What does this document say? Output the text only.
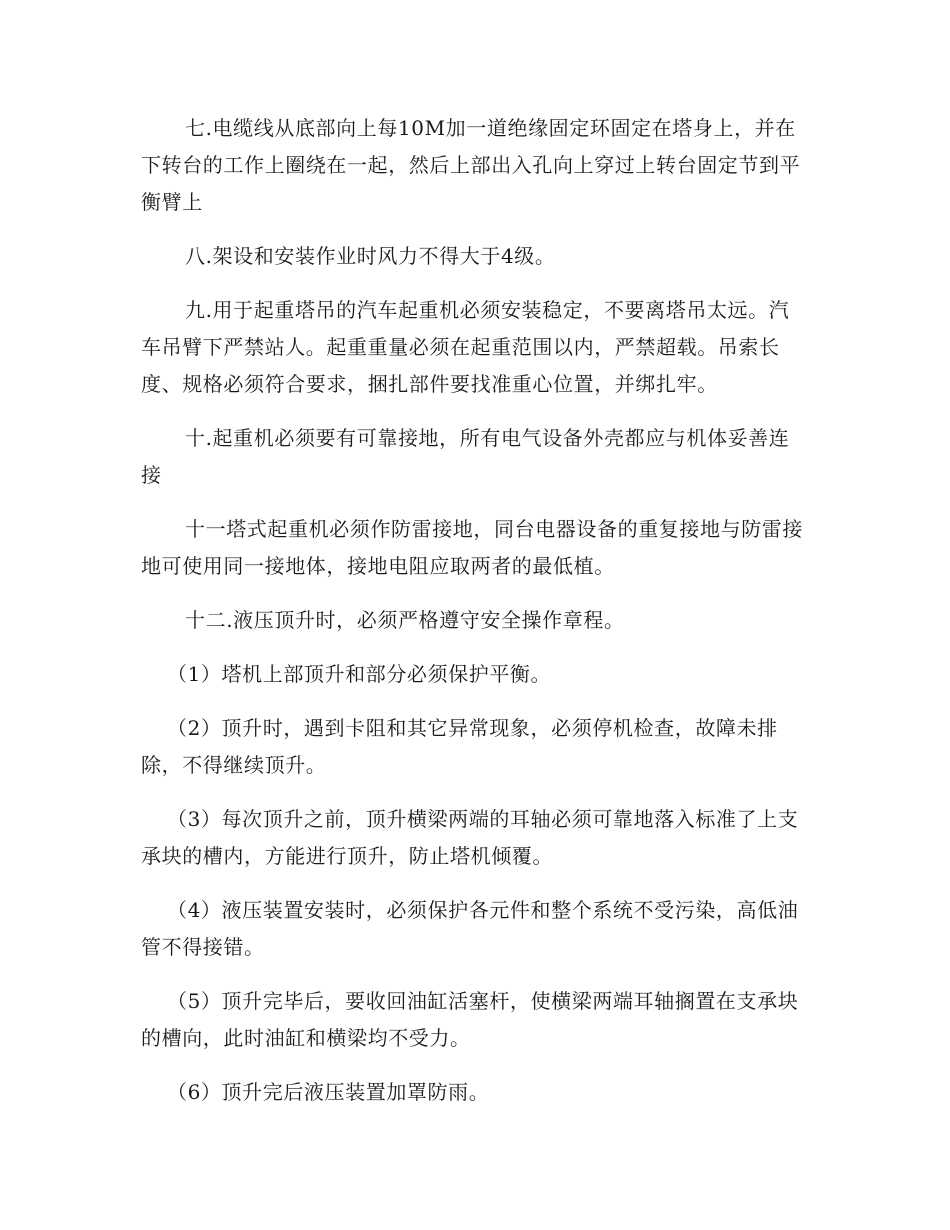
七.电缆线从底部向上每10M加一道绝缘固定环固定在塔身上，并在下转台的工作上圈绕在一起，然后上部出入孔向上穿过上转台固定节到平衡臂上

八.架设和安装作业时风力不得大于4级。

九.用于起重塔吊的汽车起重机必须安装稳定，不要离塔吊太远。汽车吊臂下严禁站人。起重重量必须在起重范围以内，严禁超载。吊索长度、规格必须符合要求，捆扎部件要找准重心位置，并绑扎牢。

十.起重机必须要有可靠接地，所有电气设备外壳都应与机体妥善连接

十一塔式起重机必须作防雷接地，同台电器设备的重复接地与防雷接地可使用同一接地体，接地电阻应取两者的最低植。

十二.液压顶升时，必须严格遵守安全操作章程。

（1）塔机上部顶升和部分必须保护平衡。

（2）顶升时，遇到卡阻和其它异常现象，必须停机检查，故障未排除，不得继续顶升。

（3）每次顶升之前，顶升横梁两端的耳轴必须可靠地落入标准了上支承块的槽内，方能进行顶升，防止塔机倾覆。

（4）液压装置安装时，必须保护各元件和整个系统不受污染，高低油管不得接错。

（5）顶升完毕后，要收回油缸活塞杆，使横梁两端耳轴搁置在支承块的槽向，此时油缸和横梁均不受力。

（6）顶升完后液压装置加罩防雨。
